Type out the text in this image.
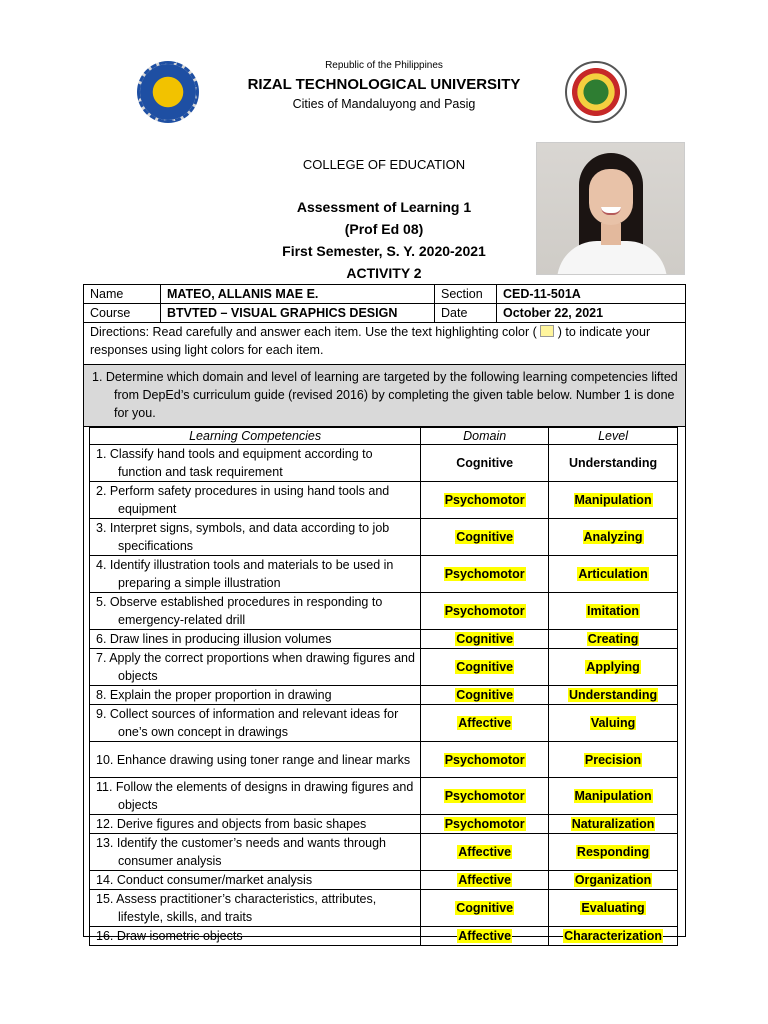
Republic of the Philippines
RIZAL TECHNOLOGICAL UNIVERSITY
Cities of Mandaluyong and Pasig
COLLEGE OF EDUCATION
Assessment of Learning 1
(Prof Ed 08)
First Semester, S. Y. 2020-2021
ACTIVITY 2
Name	MATEO, ALLANIS MAE E.	Section	CED-11-501A
Course	BTVTED – VISUAL GRAPHICS DESIGN	Date	October 22, 2021
Directions: Read carefully and answer each item. Use the text highlighting color ( ) to indicate your responses using light colors for each item.
1. Determine which domain and level of learning are targeted by the following learning competencies lifted from DepEd’s curriculum guide (revised 2016) by completing the given table below. Number 1 is done for you.
Learning Competencies	Domain	Level
1. Classify hand tools and equipment according to function and task requirement	Cognitive	Understanding
2. Perform safety procedures in using hand tools and equipment	Psychomotor	Manipulation
3. Interpret signs, symbols, and data according to job specifications	Cognitive	Analyzing
4. Identify illustration tools and materials to be used in preparing a simple illustration	Psychomotor	Articulation
5. Observe established procedures in responding to emergency-related drill	Psychomotor	Imitation
6. Draw lines in producing illusion volumes	Cognitive	Creating
7. Apply the correct proportions when drawing figures and objects	Cognitive	Applying
8. Explain the proper proportion in drawing	Cognitive	Understanding
9. Collect sources of information and relevant ideas for one’s own concept in drawings	Affective	Valuing
10. Enhance drawing using toner range and linear marks	Psychomotor	Precision
11. Follow the elements of designs in drawing figures and objects	Psychomotor	Manipulation
12. Derive figures and objects from basic shapes	Psychomotor	Naturalization
13. Identify the customer’s needs and wants through consumer analysis	Affective	Responding
14. Conduct consumer/market analysis	Affective	Organization
15. Assess practitioner’s characteristics, attributes, lifestyle, skills, and traits	Cognitive	Evaluating
16. Draw isometric objects	Affective	Characterization
